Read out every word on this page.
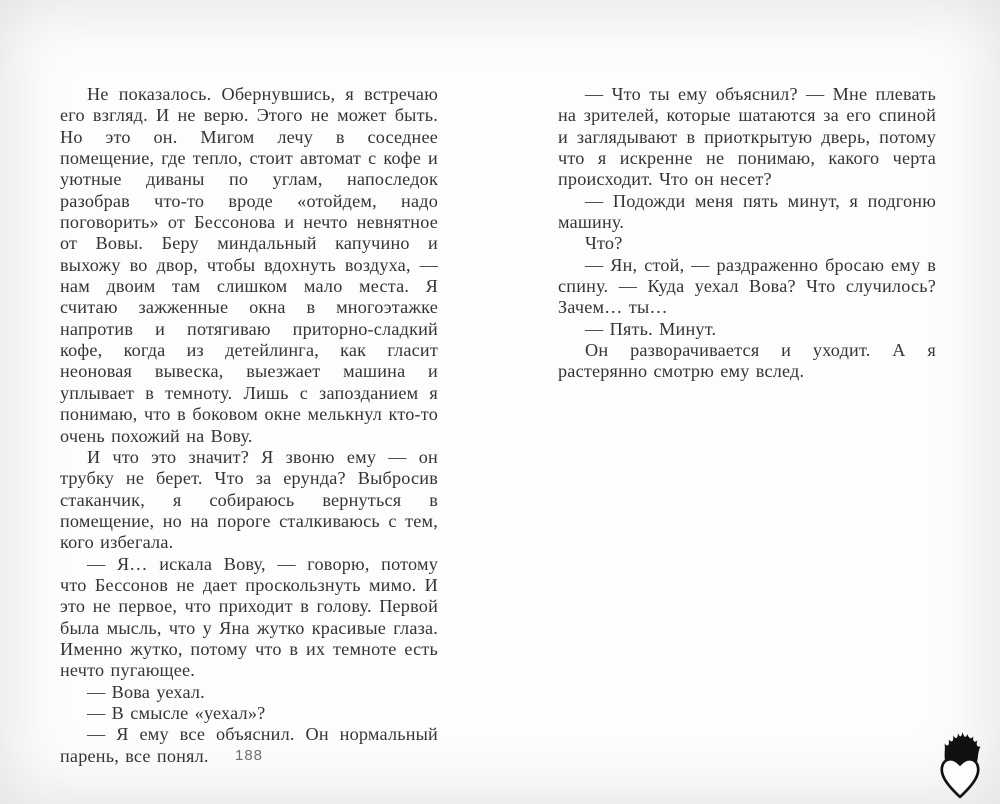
Не показалось. Обернувшись, я встречаю его взгляд. И не верю. Этого не может быть. Но это он. Мигом лечу в соседнее помещение, где тепло, стоит автомат с кофе и уютные диваны по углам, напоследок разобрав что-то вроде «отойдем, надо поговорить» от Бессонова и нечто невнятное от Вовы. Беру миндальный капучино и выхожу во двор, чтобы вдохнуть воздуха, — нам двоим там слишком мало места. Я считаю зажженные окна в многоэтажке напротив и потягиваю приторно-сладкий кофе, когда из детейлинга, как гласит неоновая вывеска, выезжает машина и уплывает в темноту. Лишь с запозданием я понимаю, что в боковом окне мелькнул кто-то очень похожий на Вову.

И что это значит? Я звоню ему — он трубку не берет. Что за ерунда? Выбросив стаканчик, я собираюсь вернуться в помещение, но на пороге сталкиваюсь с тем, кого избегала.

— Я… искала Вову, — говорю, потому что Бессонов не дает проскользнуть мимо. И это не первое, что приходит в голову. Первой была мысль, что у Яна жутко красивые глаза. Именно жутко, потому что в их темноте есть нечто пугающее.

— Вова уехал.

— В смысле «уехал»?

— Я ему все объяснил. Он нормальный парень, все понял.

— Что ты ему объяснил? — Мне плевать на зрителей, которые шатаются за его спиной и заглядывают в приоткрытую дверь, потому что я искренне не понимаю, какого черта происходит. Что он несет?

— Подожди меня пять минут, я подгоню машину.

Что?

— Ян, стой, — раздраженно бросаю ему в спину. — Куда уехал Вова? Что случилось? Зачем… ты…

— Пять. Минут.

Он разворачивается и уходит. А я растерянно смотрю ему вслед.

188
